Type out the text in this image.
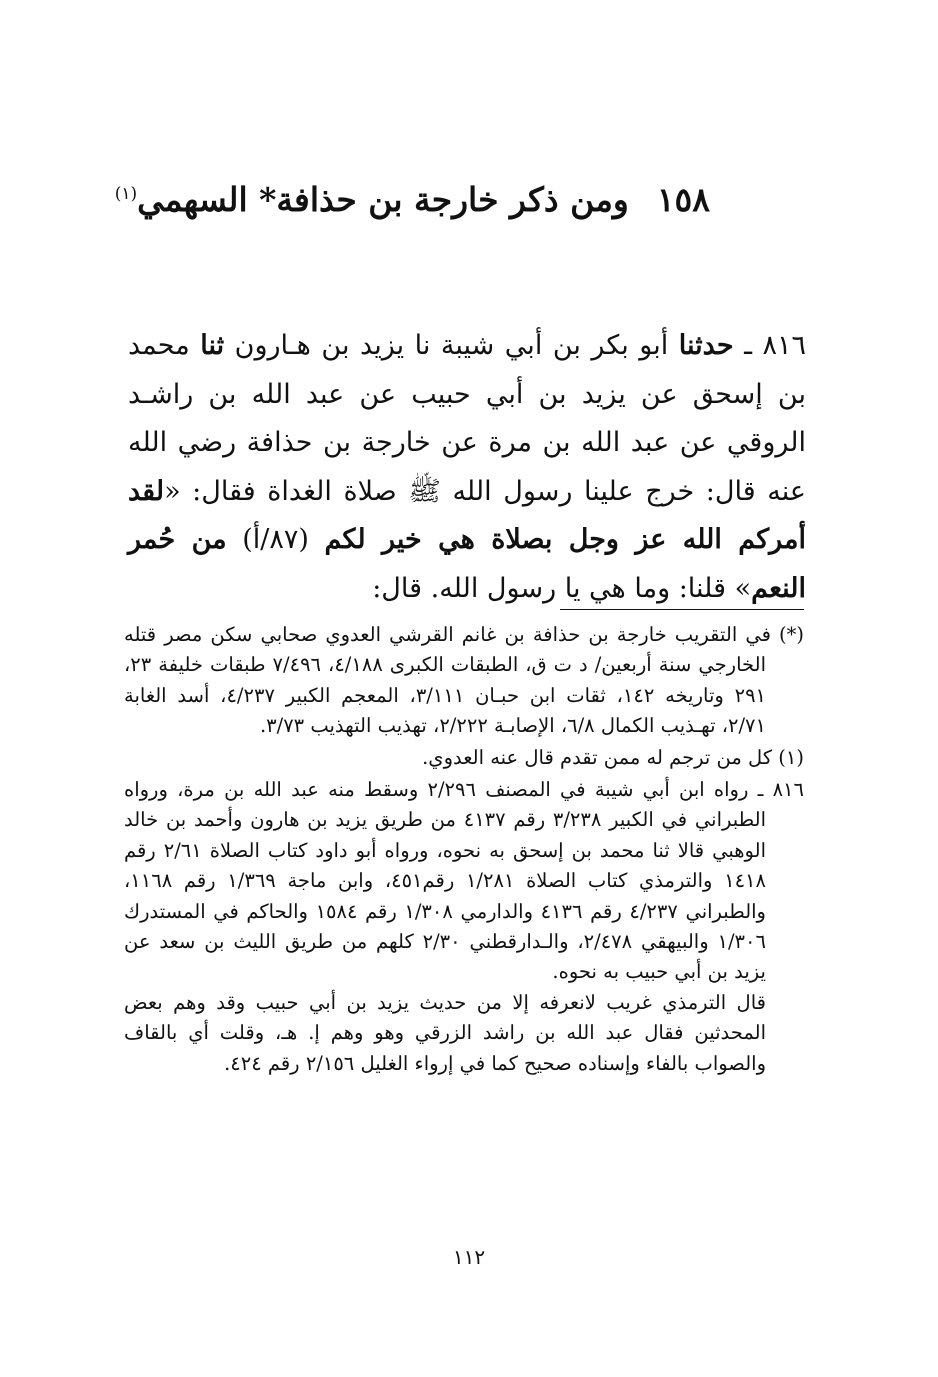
١٥٨ومن ذكر خارجة بن حذافة* السهمي$^{(١)}$

٨١٦ ـ حدثنا أبو بكر بن أبي شيبة نا يزيد بن هـارون ثنا محمد بن إسحق عن يزيد بن أبي حبيب عن عبد الله بن راشـد الروقي عن عبد الله بن مرة عن خارجة بن حذافة رضي الله عنه قال: خرج علينا رسول الله ﷺ صلاة الغداة فقال: «لقد أمركم الله عز وجل بصلاة هي خير لكم (٨٧/أ) من حُمر النعم» قلنا: وما هي يا رسول الله. قال:

(*) في التقريب خارجة بن حذافة بن غانم القرشي العدوي صحابي سكن مصر قتله الخارجي سنة أربعين/ د ت ق، الطبقات الكبرى ٤/١٨٨، ٧/٤٩٦ طبقات خليفة ٢٣، ٢٩١ وتاريخه ١٤٢، ثقات ابن حبـان ٣/١١١، المعجم الكبير ٤/٢٣٧، أسد الغابة ٢/٧١، تهـذيب الكمال ٦/٨، الإصابـة ٢/٢٢٢، تهذيب التهذيب ٣/٧٣.

(١) كل من ترجم له ممن تقدم قال عنه العدوي.

٨١٦ ـ رواه ابن أبي شيبة في المصنف ٢/٢٩٦ وسقط منه عبد الله بن مرة، ورواه الطبراني في الكبير ٣/٢٣٨ رقم ٤١٣٧ من طريق يزيد بن هارون وأحمد بن خالد الوهبي قالا ثنا محمد بن إسحق به نحوه، ورواه أبو داود كتاب الصلاة ٢/٦١ رقم ١٤١٨ والترمذي كتاب الصلاة ١/٢٨١ رقم٤٥١، وابن ماجة ١/٣٦٩ رقم ١١٦٨، والطبراني ٤/٢٣٧ رقم ٤١٣٦ والدارمي ١/٣٠٨ رقم ١٥٨٤ والحاكم في المستدرك ١/٣٠٦ والبيهقي ٢/٤٧٨، والـدارقطني ٢/٣٠ كلهم من طريق الليث بن سعد عن يزيد بن أبي حبيب به نحوه.

قال الترمذي غريب لانعرفه إلا من حديث يزيد بن أبي حبيب وقد وهم بعض المحدثين فقال عبد الله بن راشد الزرقي وهو وهم إ. هـ، وقلت أي بالقاف والصواب بالفاء وإسناده صحيح كما في إرواء الغليل ٢/١٥٦ رقم ٤٢٤.

١١٢
